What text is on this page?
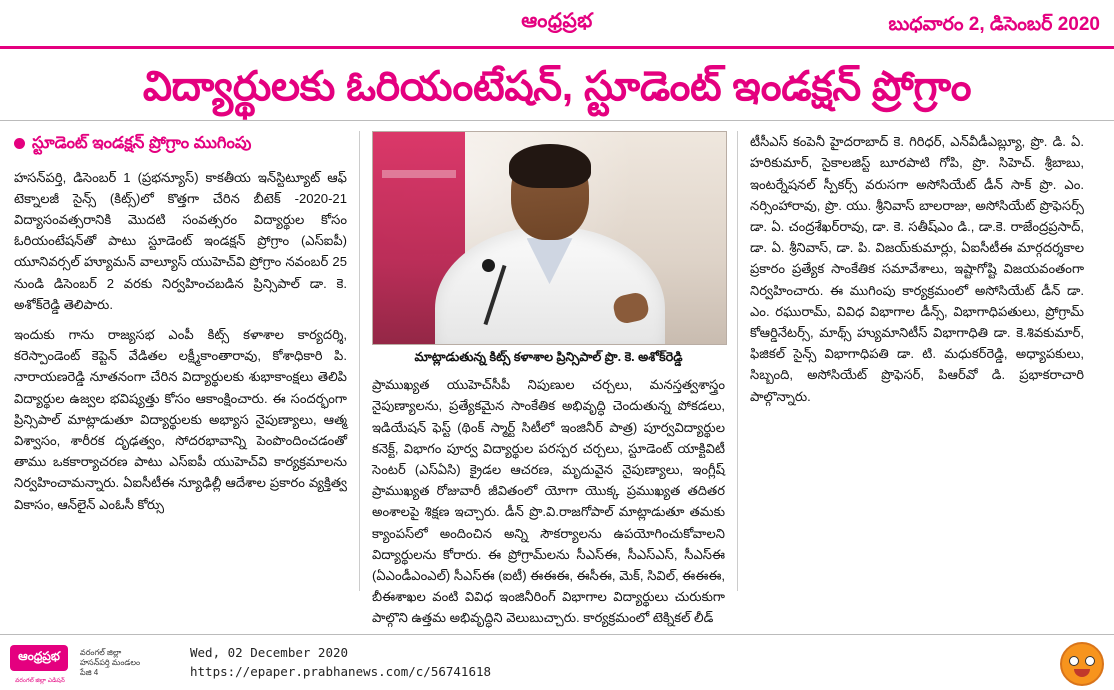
ఆంధ్రప్రభ	బుధవారం 2, డిసెంబర్ 2020
విద్యార్థులకు ఓరియంటేషన్, స్టూడెంట్ ఇండక్షన్ ప్రోగ్రాం
స్టూడెంట్ ఇండక్షన్ ప్రోగ్రాం ముగింపు

హసన్‌పర్తి, డిసెంబర్ 1 (ప్రభన్యూస్) కాకతీయ ఇన్‌స్టిట్యూట్ ఆఫ్ టెక్నాలజీ సైన్స్ (కిట్స్)లో కొత్తగా చేరిన బీటెక్ -2020-21 విద్యాసంవత్సరానికి మొదటి సంవత్సరం విద్యార్థుల కోసం ఓరియంటేషన్‌తో పాటు స్టూడెంట్ ఇండక్షన్ ప్రోగ్రాం (ఎస్‌ఐపీ) యూనివర్సల్ హ్యూమన్ వాల్యూస్ యుహెచ్‌వి ప్రోగ్రాం నవంబర్ 25 నుండి డిసెంబర్ 2 వరకు నిర్వహించబడిన ప్రిన్సిపాల్ డా. కె. అశోక్‌రెడ్డి తెలిపారు.

ఇందుకు గాను రాజ్యసభ ఎంపీ కిట్స్ కళాశాల కార్యదర్శి, కరెస్పాండెంట్ కెప్టెన్ వేడితల లక్ష్మీకాంతారావు, కోశాధికారి పి. నారాయణరెడ్డి నూతనంగా చేరిన విద్యార్థులకు శుభాకాంక్షలు తెలిపి విద్యార్థుల ఉజ్వల భవిష్యత్తు కోసం ఆకాంక్షించారు. ఈ సందర్భంగా ప్రిన్సిపాల్ మాట్లాడుతూ విద్యార్థులకు అభ్యాస నైపుణ్యాలు, ఆత్మ విశ్వాసం, శారీరక దృఢత్వం, సోదరభావాన్ని పెంపొందించడంతో తాము ఒకకార్యాచరణ పాటు ఎస్‌ఐపీ యుహెచ్‌వి కార్యక్రమాలను నిర్వహించామన్నారు. ఏఐసీటీఈ న్యూఢిల్లీ ఆదేశాల ప్రకారం వ్యక్తిత్వ వికాసం, ఆన్‌లైన్ ఎంఓసీ కోర్సు

మాట్లాడుతున్న కిట్స్ కళాశాల ప్రిన్సిపాల్ ప్రొ. కె. అశోక్‌రెడ్డి

ప్రాముఖ్యత యుహెచ్‌సీపీ నిపుణుల చర్చలు, మనస్తత్వశాస్త్రం నైపుణ్యాలను, ప్రత్యేకమైన సాంకేతిక అభివృద్ధి చెందుతున్న పోకడలు, ఇడియేషన్ ఫెస్ట్ (థింక్ స్మార్ట్ సిటీలో ఇంజినీర్ పాత్ర) పూర్వవిద్యార్థుల కనెక్ట్, విభాగం పూర్వ విద్యార్థుల పరస్పర చర్చలు, స్టూడెంట్ యాక్టివిటీ సెంటర్ (ఎస్ఏసి) క్రైడల ఆచరణ, మృదువైన నైపుణ్యాలు, ఇంగ్లీష్ ప్రాముఖ్యత రోజువారీ జీవితంలో యోగా యొక్క ప్రముఖ్యత తదితర అంశాలపై శిక్షణ ఇచ్చారు. డీన్ ప్రొ.వి.రాజగోపాల్ మాట్లాడుతూ తమకు క్యాంపస్‌లో అందించిన అన్ని సౌకర్యాలను ఉపయోగించుకోవాలని విద్యార్థులను కోరారు. ఈ ప్రోగ్రామ్‌లను సీఎస్ఈ, సీఎస్ఎస్, సీఎస్ఈ (ఏఎండీఎంఎల్) సీఎస్ఈ (ఐటీ) ఈఈఈ, ఈసీఈ, మెక్, సివిల్, ఈఈఈ, బీఈశాఖల వంటి వివిధ ఇంజినీరింగ్ విభాగాల విద్యార్థులు చురుకుగా పాల్గొని ఉత్తమ అభివృద్ధిని వెలుబుచ్చారు. కార్యక్రమంలో టెక్నికల్ లీడ్

టీసీఎస్ కంపెనీ హైదరాబాద్ కె. గిరిధర్, ఎన్‌వీడీఎబ్ల్యూ, ప్రొ. డి. ఏ. హరికుమార్, సైకాలజిస్ట్ బూరపాటి గోపి, ప్రొ. సిహెచ్. శ్రీబాబు, ఇంటర్నేషనల్ స్పీకర్స్ వరుసగా అసోసియేట్ డీన్ సాక్ ప్రొ. ఎం. నర్సింహారావు, ప్రొ. యు. శ్రీనివాస్ బాలరాజు, అసోసియేట్ ప్రొఫెసర్స్ డా. ఏ. చంద్రశేఖర్‌రావు, డా. కె. సతీష్‌ఎం డి., డా.కె. రాజేంద్రప్రసాద్, డా. ఏ. శ్రీనివాస్, డా. పి. విజయ్‌కుమార్లు, ఏఐసీటీఈ మార్గదర్శకాల ప్రకారం ప్రత్యేక సాంకేతిక సమావేశాలు, ఇష్టాగోష్టి విజయవంతంగా నిర్వహించారు. ఈ ముగింపు కార్యక్రమంలో అసోసియేట్ డీన్ డా. ఎం. రఘురామ్, వివిధ విభాగాల డీన్స్, విభాగాధిపతులు, ప్రోగ్రామ్ కోఆర్డినేటర్స్, మాథ్స్ హ్యుమానిటీస్ విభాగాధితి డా. కె.శివకుమార్, ఫిజికల్ సైన్స్ విభాగాధిపతి డా. టి. మధుకర్‌రెడ్డి, అధ్యాపకులు, సిబ్బంది, అసోసియేట్ ప్రొఫెసర్, పిఆర్‌వో డి. ప్రభాకరాచారి పాల్గొన్నారు.

ఆంధ్రప్రభ
వరంగల్ జిల్లా ఎడిషన్
వరంగల్ జిల్లా
హసన్‌పర్తి మండలం
పేజి 4
Wed, 02 December 2020
https://epaper.prabhanews.com/c/56741618
